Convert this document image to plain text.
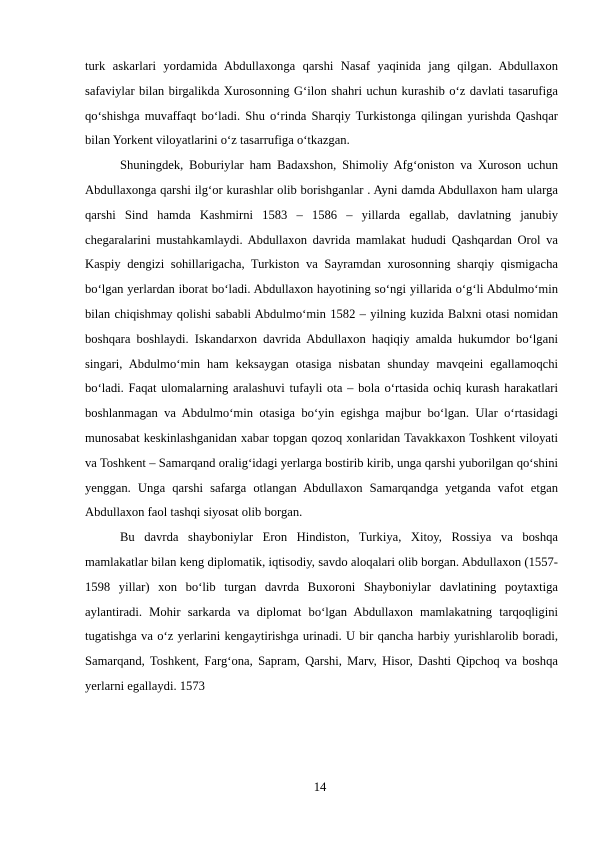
turk askarlari yordamida Abdullaxonga qarshi Nasaf yaqinida jang qilgan. Abdullaxon safaviylar bilan birgalikda Xurosonning G‘ilon shahri uchun kurashib o‘z davlati tasarufiga qo‘shishga muvaffaqt bo‘ladi. Shu o‘rinda Sharqiy Turkistonga qilingan yurishda Qashqar bilan Yorkent viloyatlarini o‘z tasarrufiga o‘tkazgan.

Shuningdek, Boburiylar ham Badaxshon, Shimoliy Afg‘oniston va Xuroson uchun Abdullaxonga qarshi ilg‘or kurashlar olib borishganlar . Ayni damda Abdullaxon ham ularga qarshi Sind hamda Kashmirni 1583 – 1586 – yillarda egallab, davlatning janubiy chegaralarini mustahkamlaydi. Abdullaxon davrida mamlakat hududi Qashqardan Orol va Kaspiy dengizi sohillarigacha, Turkiston va Sayramdan xurosonning sharqiy qismigacha bo‘lgan yerlardan iborat bo‘ladi. Abdullaxon hayotining so‘ngi yillarida o‘g‘li Abdulmo‘min bilan chiqishmay qolishi sababli Abdulmo‘min 1582 – yilning kuzida Balxni otasi nomidan boshqara boshlaydi. Iskandarxon davrida Abdullaxon haqiqiy amalda hukumdor bo‘lgani singari, Abdulmo‘min ham keksaygan otasiga nisbatan shunday mavqeini egallamoqchi bo‘ladi. Faqat ulomalarning aralashuvi tufayli ota – bola o‘rtasida ochiq kurash harakatlari boshlanmagan va Abdulmo‘min otasiga bo‘yin egishga majbur bo‘lgan. Ular o‘rtasidagi munosabat keskinlashganidan xabar topgan qozoq xonlaridan Tavakkaxon Toshkent viloyati va Toshkent – Samarqand oralig‘idagi yerlarga bostirib kirib, unga qarshi yuborilgan qo‘shini yenggan. Unga qarshi safarga otlangan Abdullaxon Samarqandga yetganda vafot etgan Abdullaxon faol tashqi siyosat olib borgan.

Bu davrda shayboniylar Eron Hindiston, Turkiya, Xitoy, Rossiya va boshqa mamlakatlar bilan keng diplomatik, iqtisodiy, savdo aloqalari olib borgan. Abdullaxon (1557-1598 yillar) xon bo‘lib turgan davrda Buxoroni Shayboniylar davlatining poytaxtiga aylantiradi. Mohir sarkarda va diplomat bo‘lgan Abdullaxon mamlakatning tarqoqligini tugatishga va o‘z yerlarini kengaytirishga urinadi. U bir qancha harbiy yurishlarolib boradi, Samarqand, Toshkent, Farg‘ona, Sapram, Qarshi, Marv, Hisor, Dashti Qipchoq va boshqa yerlarni egallaydi. 1573

14
